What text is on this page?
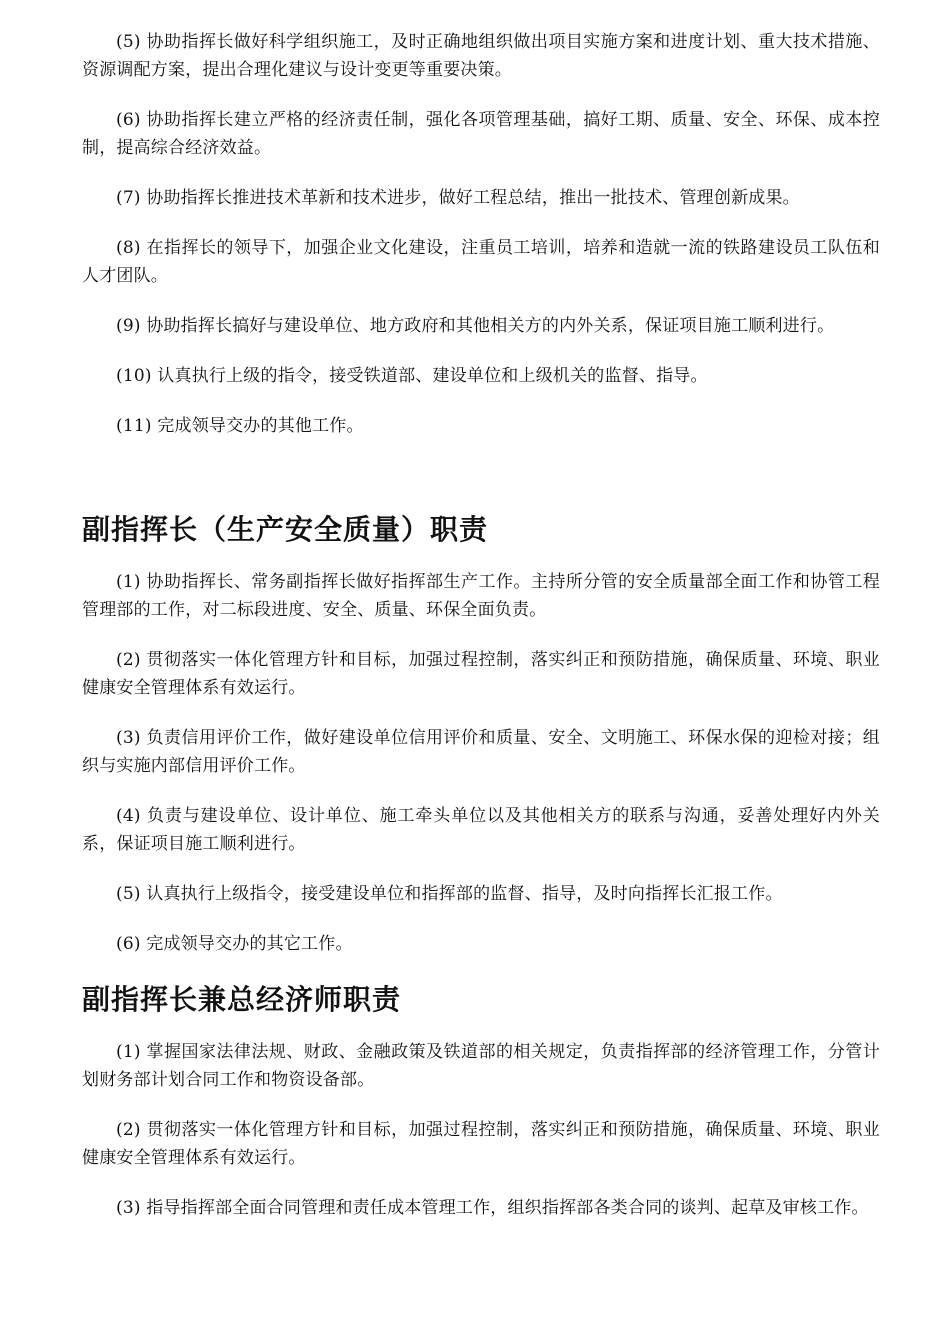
(5) 协助指挥长做好科学组织施工，及时正确地组织做出项目实施方案和进度计划、重大技术措施、资源调配方案，提出合理化建议与设计变更等重要决策。

(6) 协助指挥长建立严格的经济责任制，强化各项管理基础，搞好工期、质量、安全、环保、成本控制，提高综合经济效益。

(7) 协助指挥长推进技术革新和技术进步，做好工程总结，推出一批技术、管理创新成果。

(8) 在指挥长的领导下，加强企业文化建设，注重员工培训，培养和造就一流的铁路建设员工队伍和人才团队。

(9) 协助指挥长搞好与建设单位、地方政府和其他相关方的内外关系，保证项目施工顺利进行。

(10) 认真执行上级的指令，接受铁道部、建设单位和上级机关的监督、指导。

(11) 完成领导交办的其他工作。

副指挥长（生产安全质量）职责

(1) 协助指挥长、常务副指挥长做好指挥部生产工作。主持所分管的安全质量部全面工作和协管工程管理部的工作，对二标段进度、安全、质量、环保全面负责。

(2) 贯彻落实一体化管理方针和目标，加强过程控制，落实纠正和预防措施，确保质量、环境、职业健康安全管理体系有效运行。

(3) 负责信用评价工作，做好建设单位信用评价和质量、安全、文明施工、环保水保的迎检对接；组织与实施内部信用评价工作。

(4) 负责与建设单位、设计单位、施工牵头单位以及其他相关方的联系与沟通，妥善处理好内外关系，保证项目施工顺利进行。

(5) 认真执行上级指令，接受建设单位和指挥部的监督、指导，及时向指挥长汇报工作。

(6) 完成领导交办的其它工作。

副指挥长兼总经济师职责

(1) 掌握国家法律法规、财政、金融政策及铁道部的相关规定，负责指挥部的经济管理工作，分管计划财务部计划合同工作和物资设备部。

(2) 贯彻落实一体化管理方针和目标，加强过程控制，落实纠正和预防措施，确保质量、环境、职业健康安全管理体系有效运行。

(3) 指导指挥部全面合同管理和责任成本管理工作，组织指挥部各类合同的谈判、起草及审核工作。
